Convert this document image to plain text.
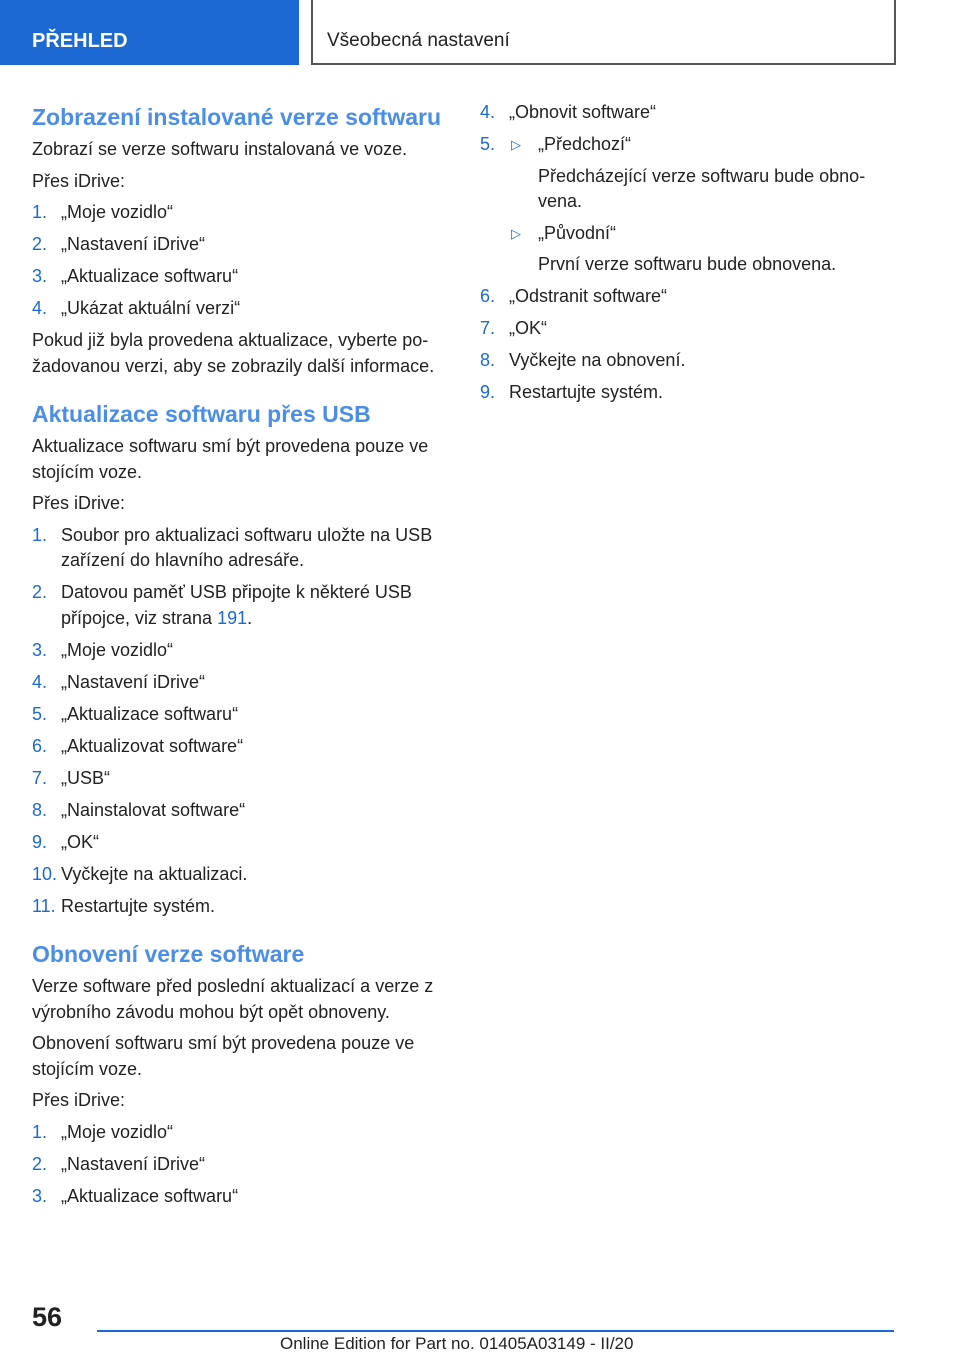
PŘEHLED	Všeobecná nastavení
Zobrazení instalované verze softwaru

Zobrazí se verze softwaru instalovaná ve voze.

Přes iDrive:

1. „Moje vozidlo“
2. „Nastavení iDrive“
3. „Aktualizace softwaru“
4. „Ukázat aktuální verzi“

Pokud již byla provedena aktualizace, vyberte po‐žadovanou verzi, aby se zobrazily další informace.

Aktualizace softwaru přes USB

Aktualizace softwaru smí být provedena pouze ve stojícím voze.

Přes iDrive:

1. Soubor pro aktualizaci softwaru uložte na USB zařízení do hlavního adresáře.
2. Datovou paměť USB připojte k některé USB přípojce, viz strana 191.
3. „Moje vozidlo“
4. „Nastavení iDrive“
5. „Aktualizace softwaru“
6. „Aktualizovat software“
7. „USB“
8. „Nainstalovat software“
9. „OK“
10. Vyčkejte na aktualizaci.
11. Restartujte systém.
Obnovení verze software

Verze software před poslední aktualizací a verze z výrobního závodu mohou být opět obnoveny.

Obnovení softwaru smí být provedena pouze ve stojícím voze.

Přes iDrive:

1. „Moje vozidlo“
2. „Nastavení iDrive“
3. „Aktualizace softwaru“
4. „Obnovit software“
5. ▷ „Předchozí“
Předcházející verze softwaru bude obno‐vena.
▷ „Původní“
První verze softwaru bude obnovena.
6. „Odstranit software“
7. „OK“
8. Vyčkejte na obnovení.
9. Restartujte systém.
56
Online Edition for Part no. 01405A03149 - II/20
